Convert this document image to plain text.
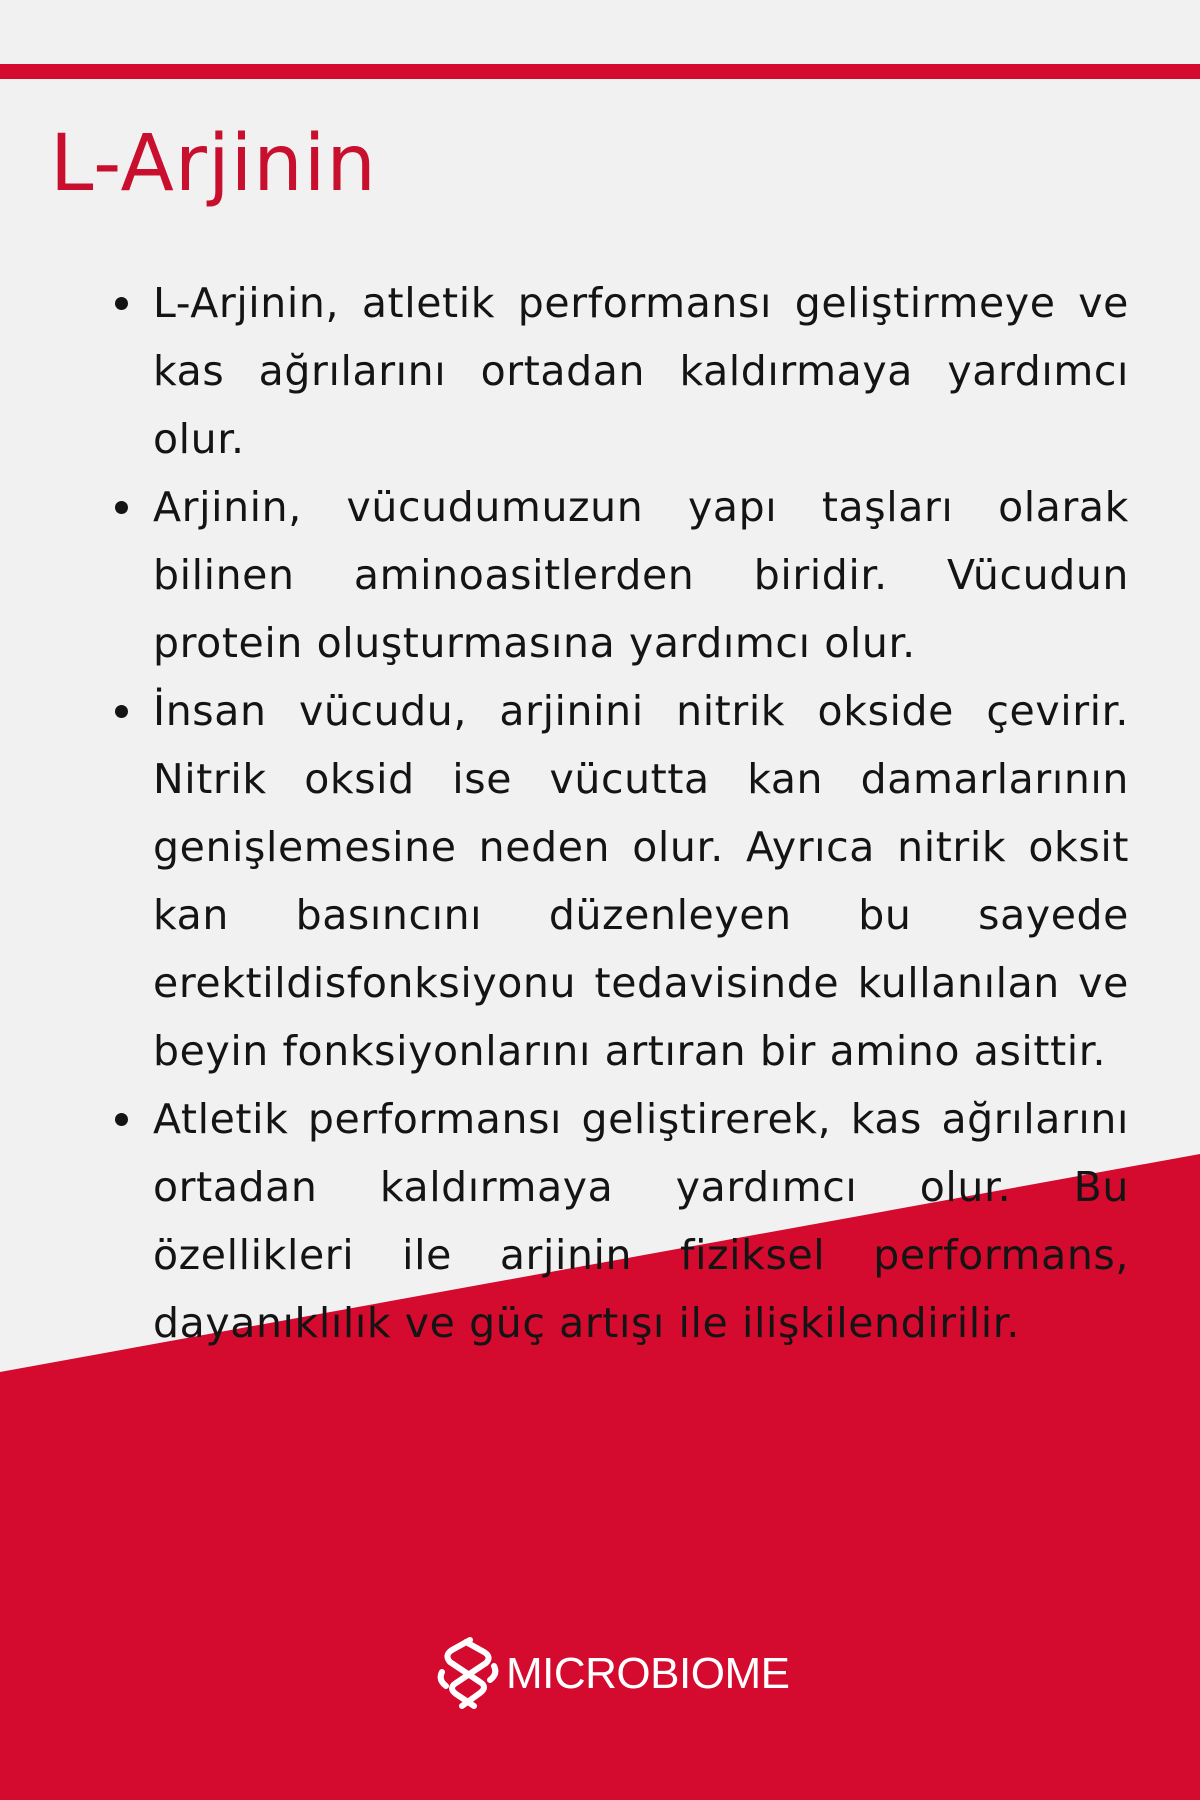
L-Arjinin
L-Arjinin, atletik performansı geliştirmeye ve kas ağrılarını ortadan kaldırmaya yardımcı olur.
Arjinin, vücudumuzun yapı taşları olarak bilinen aminoasitlerden biridir. Vücudun protein oluşturmasına yardımcı olur.
İnsan vücudu, arjinini nitrik okside çevirir. Nitrik oksid ise vücutta kan damarlarının genişlemesine neden olur. Ayrıca nitrik oksit kan basıncını düzenleyen bu sayede erektildisfonksiyonu tedavisinde kullanılan ve beyin fonksiyonlarını artıran bir amino asittir.
Atletik performansı geliştirerek, kas ağrılarını ortadan kaldırmaya yardımcı olur. Bu özellikleri ile arjinin fiziksel performans, dayanıklılık ve güç artışı ile ilişkilendirilir.
MICROBIOME
